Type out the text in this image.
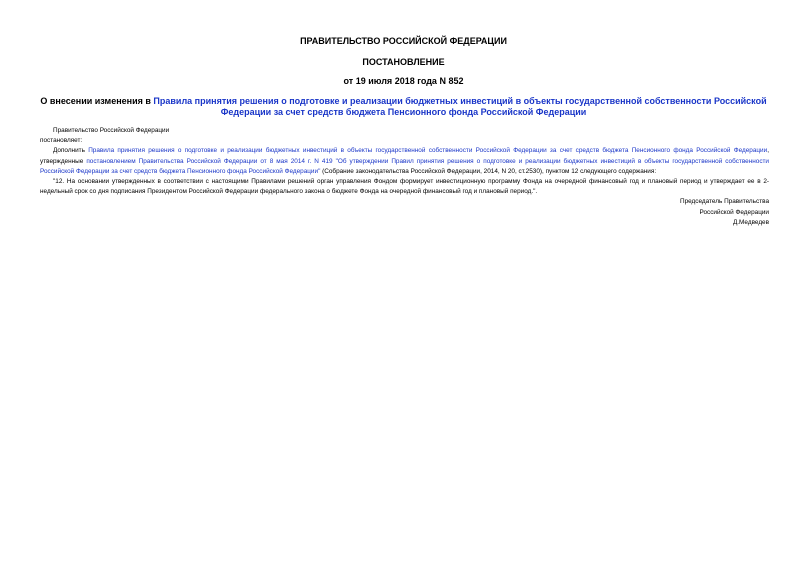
ПРАВИТЕЛЬСТВО РОССИЙСКОЙ ФЕДЕРАЦИИ

ПОСТАНОВЛЕНИЕ

от 19 июля 2018 года N 852

О внесении изменения в Правила принятия решения о подготовке и реализации бюджетных инвестиций в объекты государственной собственности Российской Федерации за счет средств бюджета Пенсионного фонда Российской Федерации

Правительство Российской Федерации

постановляет:

Дополнить Правила принятия решения о подготовке и реализации бюджетных инвестиций в объекты государственной собственности Российской Федерации за счет средств бюджета Пенсионного фонда Российской Федерации, утвержденные постановлением Правительства Российской Федерации от 8 мая 2014 г. N 419 "Об утверждении Правил принятия решения о подготовке и реализации бюджетных инвестиций в объекты государственной собственности Российской Федерации за счет средств бюджета Пенсионного фонда Российской Федерации" (Собрание законодательства Российской Федерации, 2014, N 20, ст.2530), пунктом 12 следующего содержания:

"12. На основании утвержденных в соответствии с настоящими Правилами решений орган управления Фондом формирует инвестиционную программу Фонда на очередной финансовый год и плановый период и утверждает ее в 2-недельный срок со дня подписания Президентом Российской Федерации федерального закона о бюджете Фонда на очередной финансовый год и плановый период.".

Председатель Правительства

Российской Федерации

Д.Медведев
